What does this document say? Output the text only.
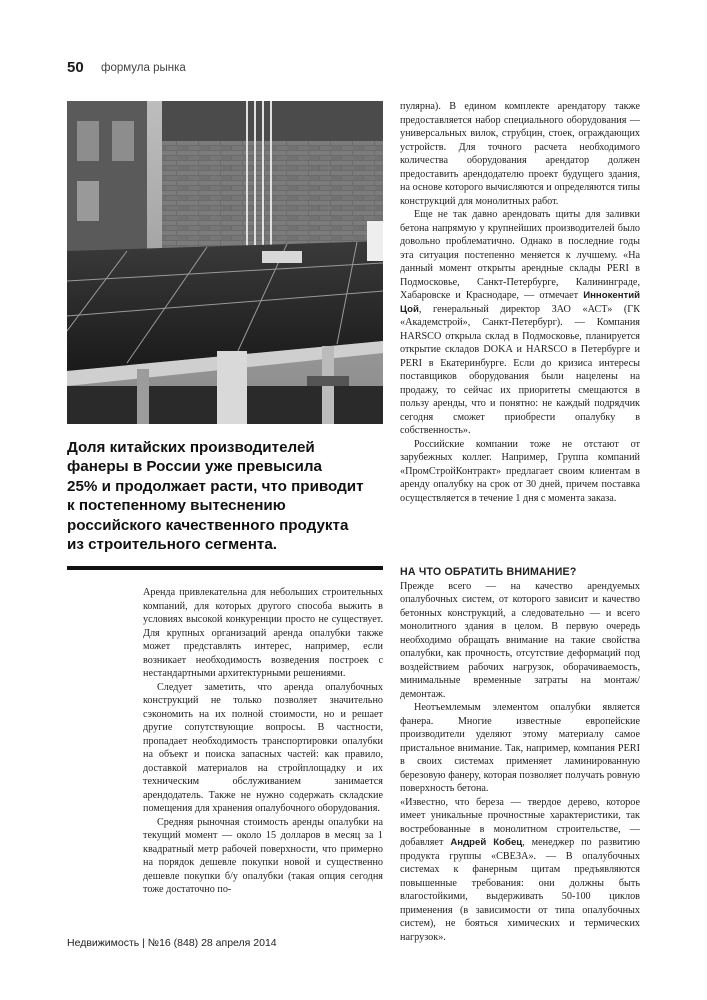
50 формула рынка
Доля китайских производителей
фанеры в России уже превысила
25% и продолжает расти, что приводит
к постепенному вытеснению
российского качественного продукта
из строительного сегмента.

Аренда привлекательна для небольших строительных компаний, для которых другого способа выжить в условиях высокой конкуренции просто не существует. Для крупных организаций аренда опалубки также может представлять интерес, например, если возникает необходимость возведения построек с нестандартными архитектурными решениями.

Следует заметить, что аренда опалубочных конструкций не только позволяет значительно сэкономить на их полной стоимости, но и решает другие сопутствующие вопросы. В частности, пропадает необходимость транспортировки опалубки на объект и поиска запасных частей: как правило, доставкой материалов на стройплощадку и их техническим обслуживанием занимается арендодатель. Также не нужно содержать складские помещения для хранения опалубочного оборудования.

Средняя рыночная стоимость аренды опалубки на текущий момент — около 15 долларов в месяц за 1 квадратный метр рабочей поверхности, что примерно на порядок дешевле покупки новой и существенно дешевле покупки б/у опалубки (такая опция сегодня тоже достаточно по-

пулярна). В едином комплекте арендатору также предоставляется набор специального оборудования — универсальных вилок, струбцин, стоек, ограждающих устройств. Для точного расчета необходимого количества оборудования арендатор должен предоставить арендодателю проект будущего здания, на основе которого вычисляются и определяются типы конструкций для монолитных работ.

Еще не так давно арендовать щиты для заливки бетона напрямую у крупнейших производителей было довольно проблематично. Однако в последние годы эта ситуация постепенно меняется к лучшему. «На данный момент открыты арендные склады PERI в Подмосковье, Санкт-Петербурге, Калининграде, Хабаровске и Краснодаре, — отмечает Иннокентий Цой, генеральный директор ЗАО «АСТ» (ГК «Академстрой», Санкт-Петербург). — Компания HARSCO открыла склад в Подмосковье, планируется открытие складов DOKA и HARSCO в Петербурге и PERI в Екатеринбурге. Если до кризиса интересы поставщиков оборудования были нацелены на продажу, то сейчас их приоритеты смещаются в пользу аренды, что и понятно: не каждый подрядчик сегодня сможет приобрести опалубку в собственность».

Российские компании тоже не отстают от зарубежных коллег. Например, Группа компаний «ПромСтройКонтракт» предлагает своим клиентам в аренду опалубку на срок от 30 дней, причем поставка осуществляется в течение 1 дня с момента заказа.

НА ЧТО ОБРАТИТЬ ВНИМАНИЕ?

Прежде всего — на качество арендуемых опалубочных систем, от которого зависит и качество бетонных конструкций, а следовательно — и всего монолитного здания в целом. В первую очередь необходимо обращать внимание на такие свойства опалубки, как прочность, отсутствие деформаций под воздействием рабочих нагрузок, оборачиваемость, минимальные временные затраты на монтаж/демонтаж.

Неотъемлемым элементом опалубки является фанера. Многие известные европейские производители уделяют этому материалу самое пристальное внимание. Так, например, компания PERI в своих системах применяет ламинированную березовую фанеру, которая позволяет получать ровную поверхность бетона.

«Известно, что береза — твердое дерево, которое имеет уникальные прочностные характеристики, так востребованные в монолитном строительстве, — добавляет Андрей Кобец, менеджер по развитию продукта группы «СВЕЗА». — В опалубочных системах к фанерным щитам предъявляются повышенные требования: они должны быть влагостойкими, выдерживать 50-100 циклов применения (в зависимости от типа опалубочных систем), не бояться химических и термических нагрузок».

Недвижимость | №16 (848) 28 апреля 2014
